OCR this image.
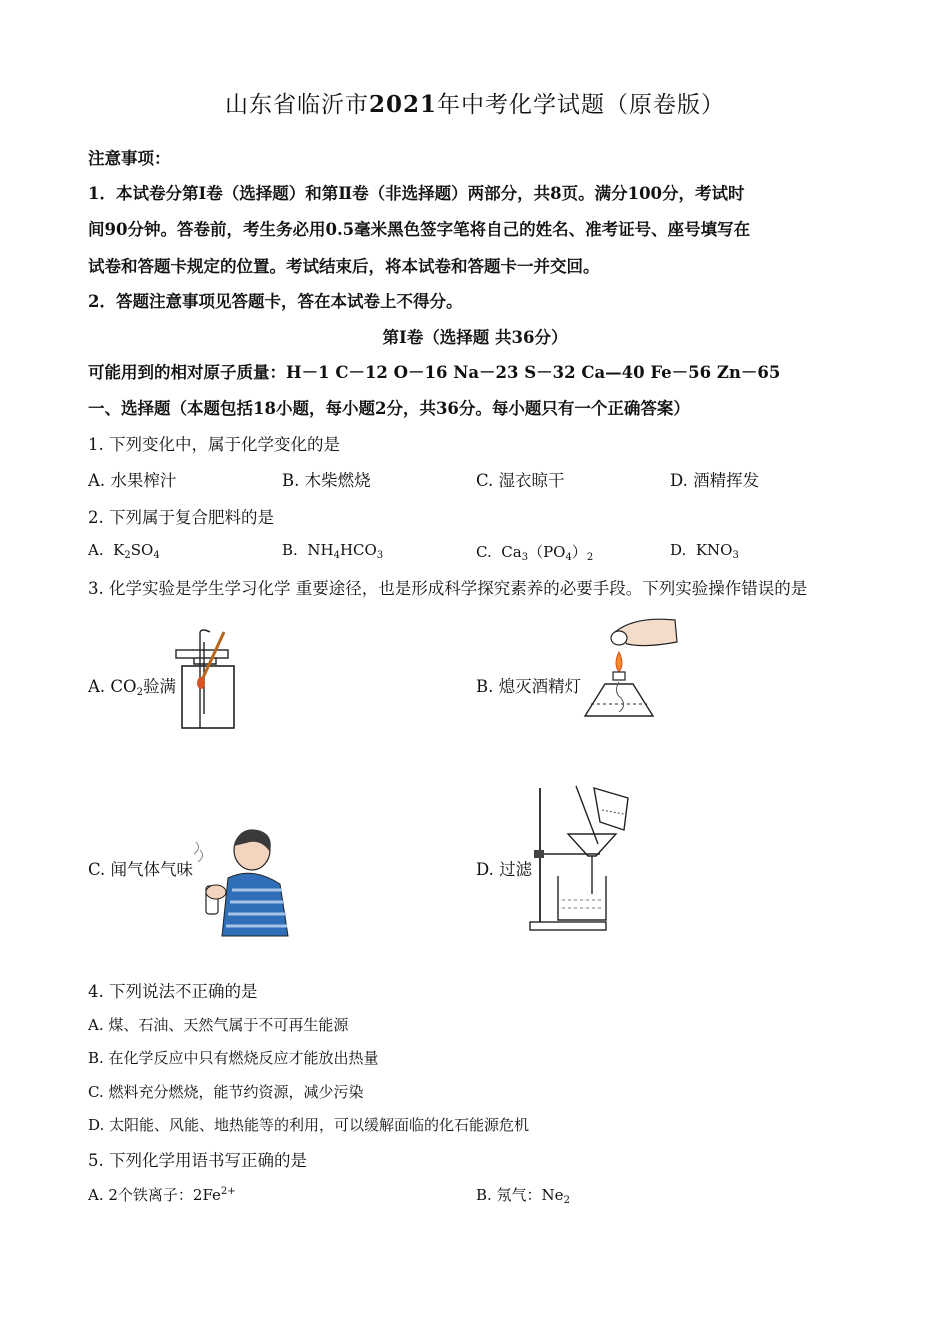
山东省临沂市2021年中考化学试题（原卷版）
注意事项：
1．本试卷分第Ⅰ卷（选择题）和第Ⅱ卷（非选择题）两部分，共8页。满分100分，考试时
间90分钟。答卷前，考生务必用0.5毫米黑色签字笔将自己的姓名、准考证号、座号填写在
试卷和答题卡规定的位置。考试结束后，将本试卷和答题卡一并交回。
2．答题注意事项见答题卡，答在本试卷上不得分。
第Ⅰ卷（选择题 共36分）
可能用到的相对原子质量：H－1 C－12 O－16 Na－23 S－32 Ca—40 Fe－56 Zn－65
一、选择题（本题包括18小题，每小题2分，共36分。每小题只有一个正确答案）
1. 下列变化中，属于化学变化的是
A. 水果榨汁	B. 木柴燃烧	C. 湿衣晾干	D. 酒精挥发
2. 下列属于复合肥料的是
A. $K_2SO_4$	B. $NH_4HCO_3$	C. $Ca_3(PO_4)_2$	D. $KNO_3$
3. 化学实验是学生学习化学 重要途径，也是形成科学探究素养的必要手段。下列实验操作错误的是
A. $CO_2$验满	B. 熄灭酒精灯
C. 闻气体气味	D. 过滤
4. 下列说法不正确的是
A. 煤、石油、天然气属于不可再生能源
B. 在化学反应中只有燃烧反应才能放出热量
C. 燃料充分燃烧，能节约资源，减少污染
D. 太阳能、风能、地热能等的利用，可以缓解面临的化石能源危机
5. 下列化学用语书写正确的是
A. 2个铁离子：$2Fe^{2+}$	B. 氖气：$Ne_2$
